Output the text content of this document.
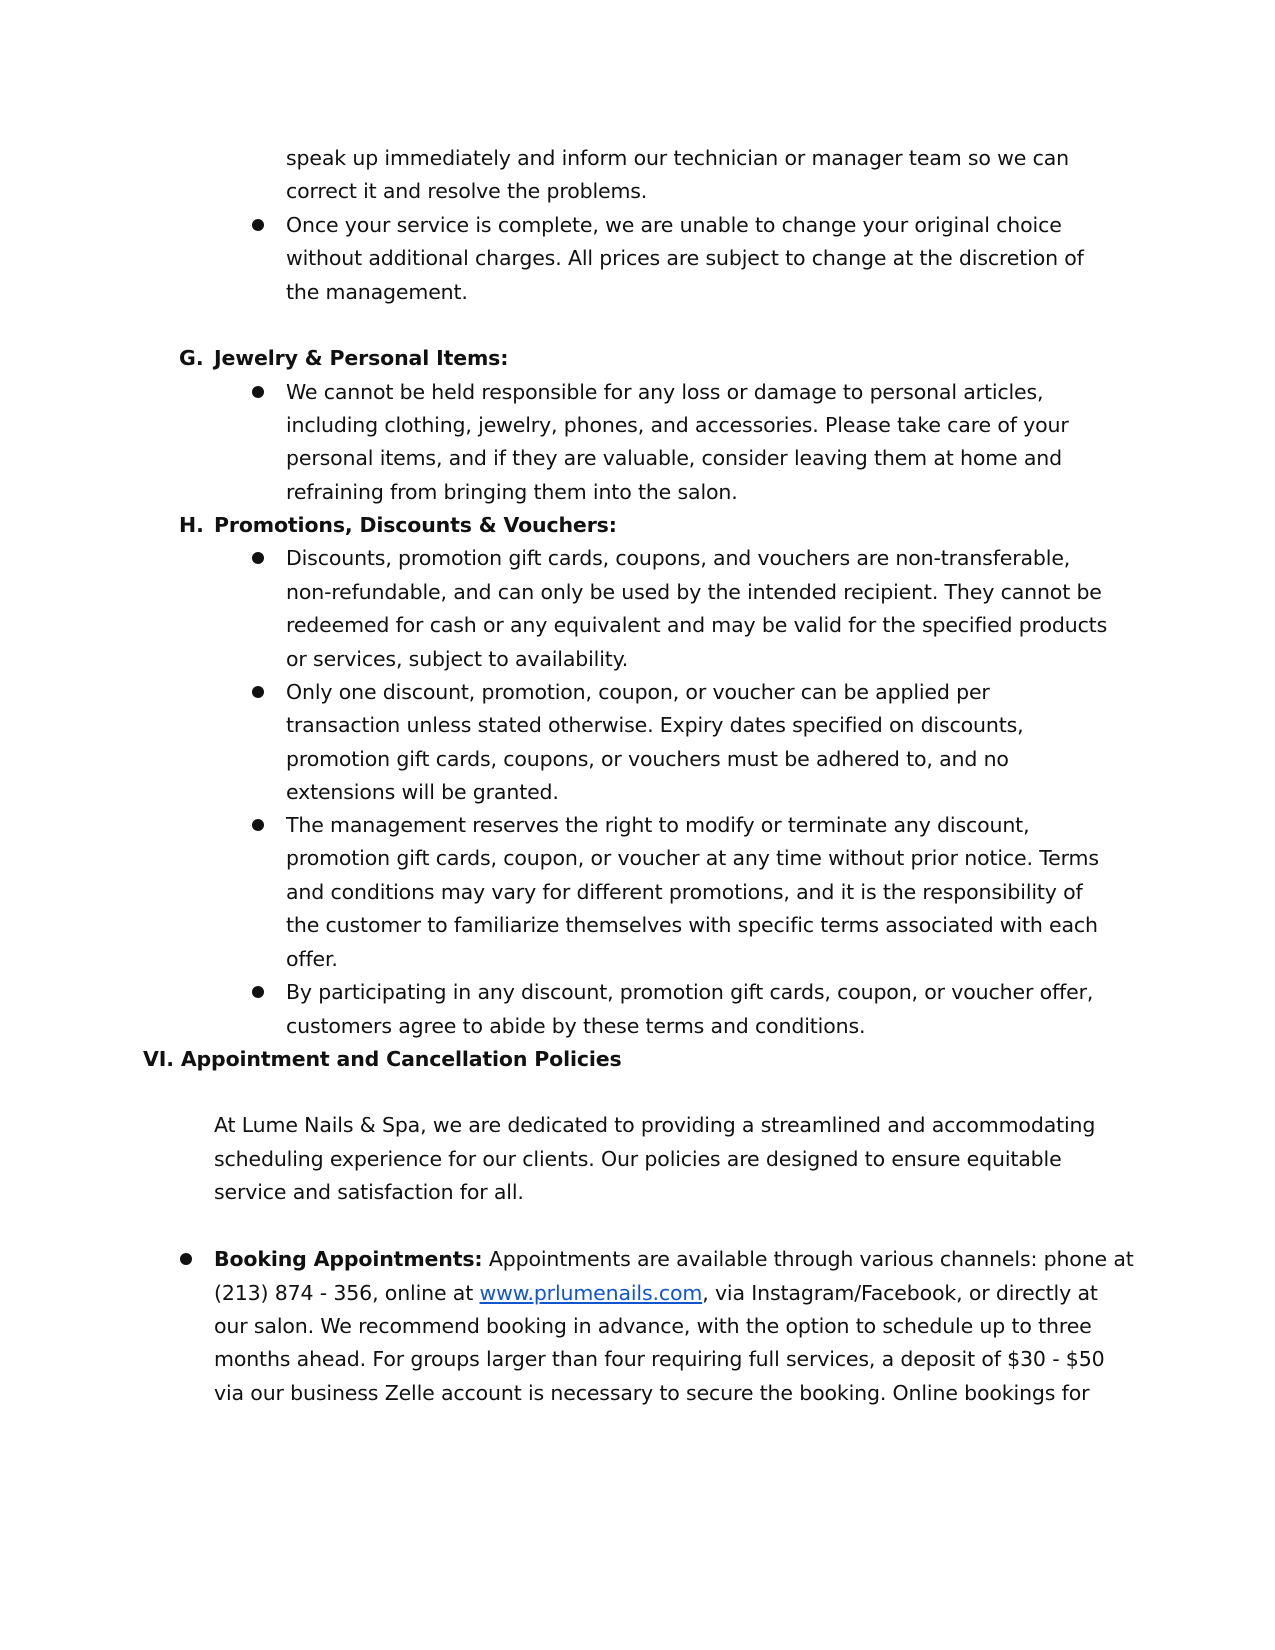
speak up immediately and inform our technician or manager team so we can
correct it and resolve the problems.
Once your service is complete, we are unable to change your original choice
without additional charges. All prices are subject to change at the discretion of
the management.
G. Jewelry & Personal Items:
We cannot be held responsible for any loss or damage to personal articles,
including clothing, jewelry, phones, and accessories. Please take care of your
personal items, and if they are valuable, consider leaving them at home and
refraining from bringing them into the salon.
H. Promotions, Discounts & Vouchers:
Discounts, promotion gift cards, coupons, and vouchers are non-transferable,
non-refundable, and can only be used by the intended recipient. They cannot be
redeemed for cash or any equivalent and may be valid for the specified products
or services, subject to availability.
Only one discount, promotion, coupon, or voucher can be applied per
transaction unless stated otherwise. Expiry dates specified on discounts,
promotion gift cards, coupons, or vouchers must be adhered to, and no
extensions will be granted.
The management reserves the right to modify or terminate any discount,
promotion gift cards, coupon, or voucher at any time without prior notice. Terms
and conditions may vary for different promotions, and it is the responsibility of
the customer to familiarize themselves with specific terms associated with each
offer.
By participating in any discount, promotion gift cards, coupon, or voucher offer,
customers agree to abide by these terms and conditions.
VI. Appointment and Cancellation Policies
At Lume Nails & Spa, we are dedicated to providing a streamlined and accommodating
scheduling experience for our clients. Our policies are designed to ensure equitable
service and satisfaction for all.
Booking Appointments: Appointments are available through various channels: phone at
(213) 874 - 356, online at www.prlumenails.com, via Instagram/Facebook, or directly at
our salon. We recommend booking in advance, with the option to schedule up to three
months ahead. For groups larger than four requiring full services, a deposit of $30 - $50
via our business Zelle account is necessary to secure the booking. Online bookings for
